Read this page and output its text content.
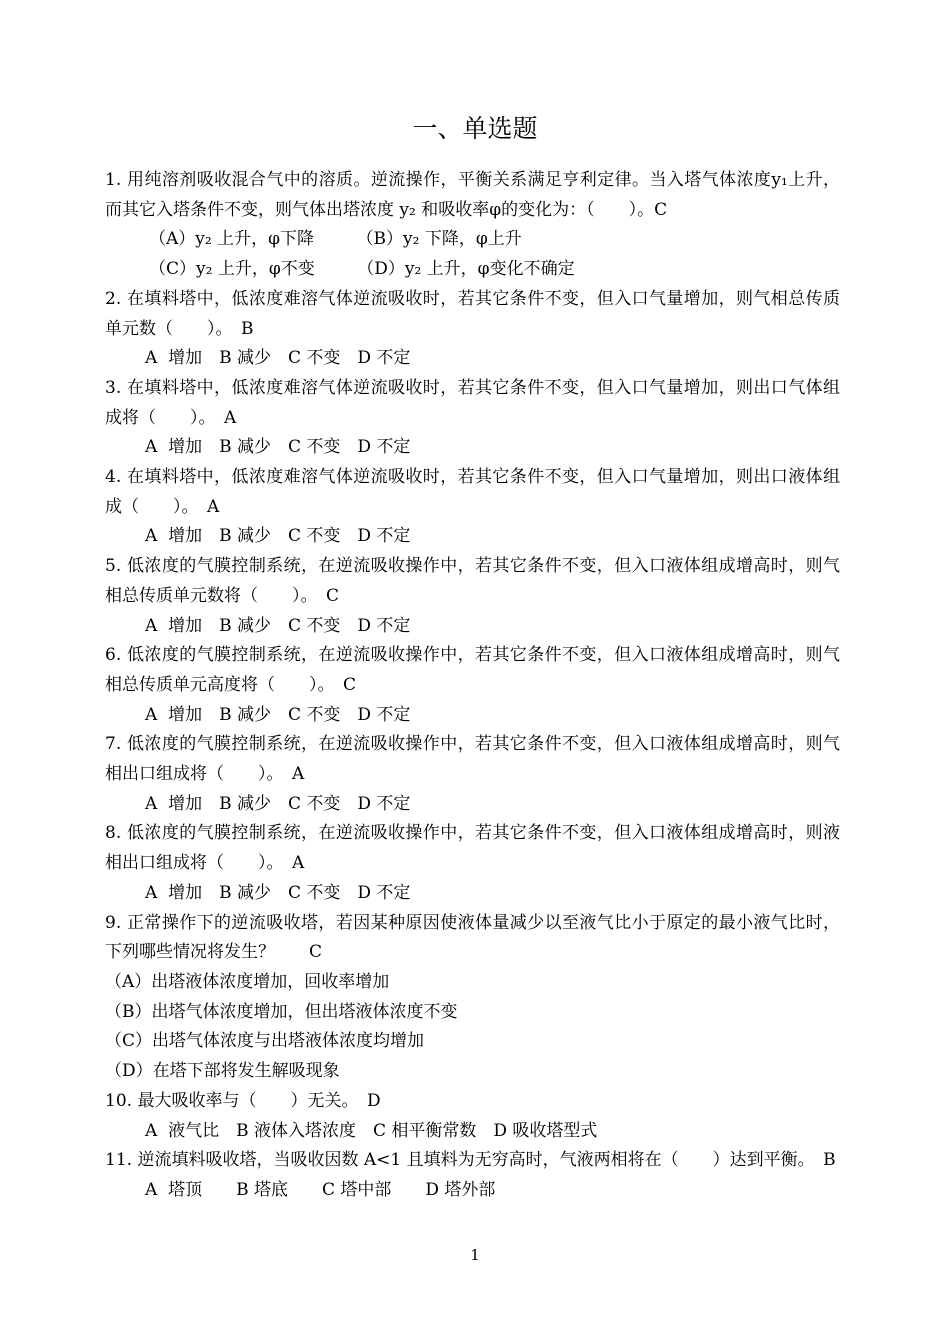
一、单选题
1. 用纯溶剂吸收混合气中的溶质。逆流操作，平衡关系满足亨利定律。当入塔气体浓度y₁上升，而其它入塔条件不变，则气体出塔浓度 y₂ 和吸收率φ的变化为：（　　）。C
（A）y₂ 上升，φ下降　　　（B）y₂ 下降，φ上升
（C）y₂ 上升，φ不变　　　（D）y₂ 上升，φ变化不确定
2. 在填料塔中，低浓度难溶气体逆流吸收时，若其它条件不变，但入口气量增加，则气相总传质单元数（　　）。　B
A  增加　B 减少　C 不变　D 不定
3. 在填料塔中，低浓度难溶气体逆流吸收时，若其它条件不变，但入口气量增加，则出口气体组成将（　　）。　A
A  增加　B 减少　C 不变　D 不定
4. 在填料塔中，低浓度难溶气体逆流吸收时，若其它条件不变，但入口气量增加，则出口液体组成（　　）。　A
A  增加　B 减少　C 不变　D 不定
5. 低浓度的气膜控制系统，在逆流吸收操作中，若其它条件不变，但入口液体组成增高时，则气相总传质单元数将（　　）。　C
A  增加　B 减少　C 不变　D 不定
6. 低浓度的气膜控制系统，在逆流吸收操作中，若其它条件不变，但入口液体组成增高时，则气相总传质单元高度将（　　）。　C
A  增加　B 减少　C 不变　D 不定
7. 低浓度的气膜控制系统，在逆流吸收操作中，若其它条件不变，但入口液体组成增高时，则气相出口组成将（　　）。　A
A  增加　B 减少　C 不变　D 不定
8. 低浓度的气膜控制系统，在逆流吸收操作中，若其它条件不变，但入口液体组成增高时，则液相出口组成将（　　）。　A
A  增加　B 减少　C 不变　D 不定
9. 正常操作下的逆流吸收塔，若因某种原因使液体量减少以至液气比小于原定的最小液气比时，下列哪些情况将发生？　　C
（A）出塔液体浓度增加，回收率增加
（B）出塔气体浓度增加，但出塔液体浓度不变
（C）出塔气体浓度与出塔液体浓度均增加
（D）在塔下部将发生解吸现象
10. 最大吸收率与（　　）无关。　D
A  液气比　B 液体入塔浓度　C 相平衡常数　D 吸收塔型式
11. 逆流填料吸收塔，当吸收因数 A<1 且填料为无穷高时，气液两相将在（　　）达到平衡。　B
A  塔顶　　B 塔底　　C 塔中部　　D 塔外部
1
